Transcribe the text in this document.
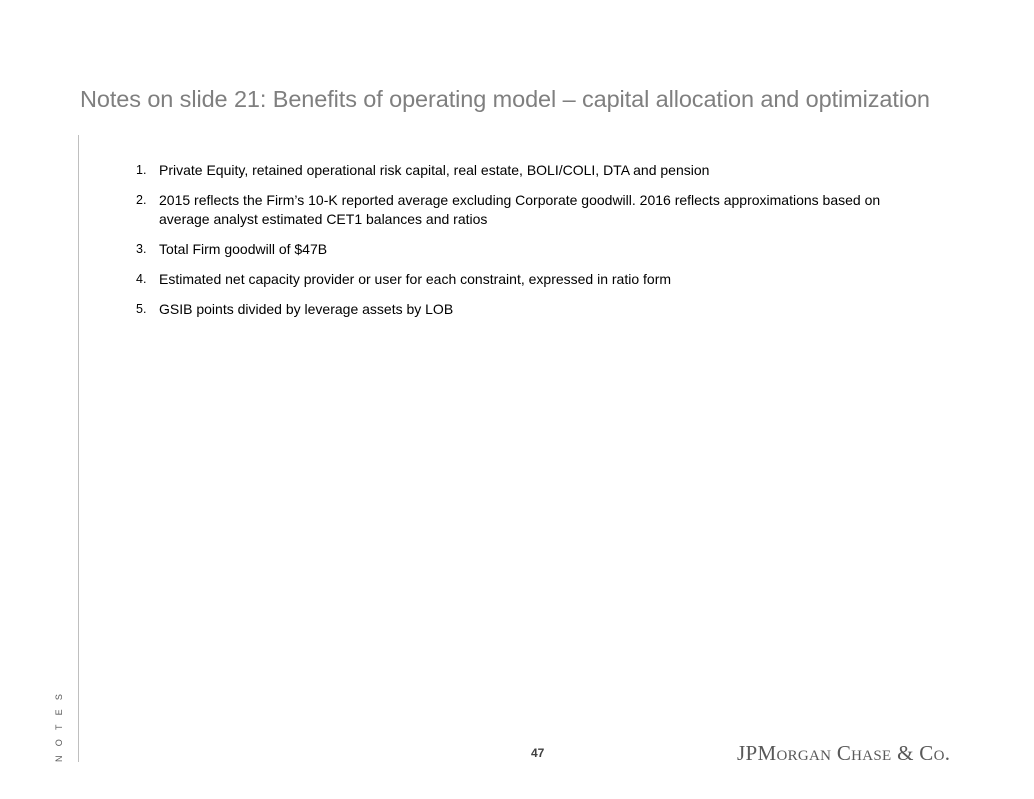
Notes on slide 21: Benefits of operating model – capital allocation and optimization
N O T E S
1. Private Equity, retained operational risk capital, real estate, BOLI/COLI, DTA and pension
2. 2015 reflects the Firm’s 10-K reported average excluding Corporate goodwill. 2016 reflects approximations based on average analyst estimated CET1 balances and ratios
3. Total Firm goodwill of $47B
4. Estimated net capacity provider or user for each constraint, expressed in ratio form
5. GSIB points divided by leverage assets by LOB
47	JPMORGAN CHASE & CO.
